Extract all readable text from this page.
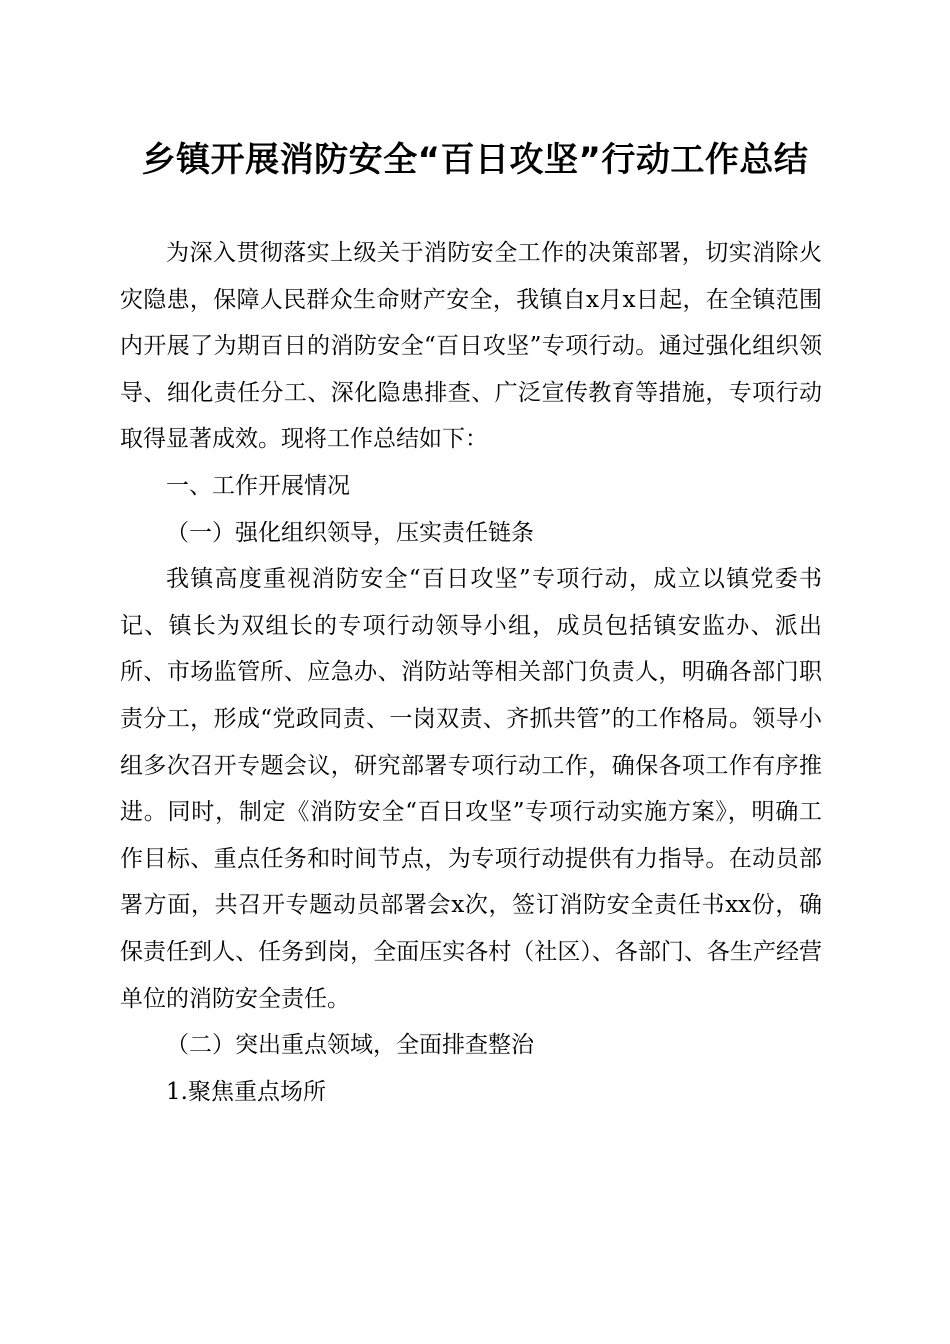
乡镇开展消防安全“百日攻坚”行动工作总结

为深入贯彻落实上级关于消防安全工作的决策部署，切实消除火灾隐患，保障人民群众生命财产安全，我镇自x月x日起，在全镇范围内开展了为期百日的消防安全“百日攻坚”专项行动。通过强化组织领导、细化责任分工、深化隐患排查、广泛宣传教育等措施，专项行动取得显著成效。现将工作总结如下：

一、工作开展情况

（一）强化组织领导，压实责任链条

我镇高度重视消防安全“百日攻坚”专项行动，成立以镇党委书记、镇长为双组长的专项行动领导小组，成员包括镇安监办、派出所、市场监管所、应急办、消防站等相关部门负责人，明确各部门职责分工，形成“党政同责、一岗双责、齐抓共管”的工作格局。领导小组多次召开专题会议，研究部署专项行动工作，确保各项工作有序推进。同时，制定《消防安全“百日攻坚”专项行动实施方案》，明确工作目标、重点任务和时间节点，为专项行动提供有力指导。在动员部署方面，共召开专题动员部署会x次，签订消防安全责任书xx份，确保责任到人、任务到岗，全面压实各村（社区）、各部门、各生产经营单位的消防安全责任。

（二）突出重点领域，全面排查整治

1.聚焦重点场所
